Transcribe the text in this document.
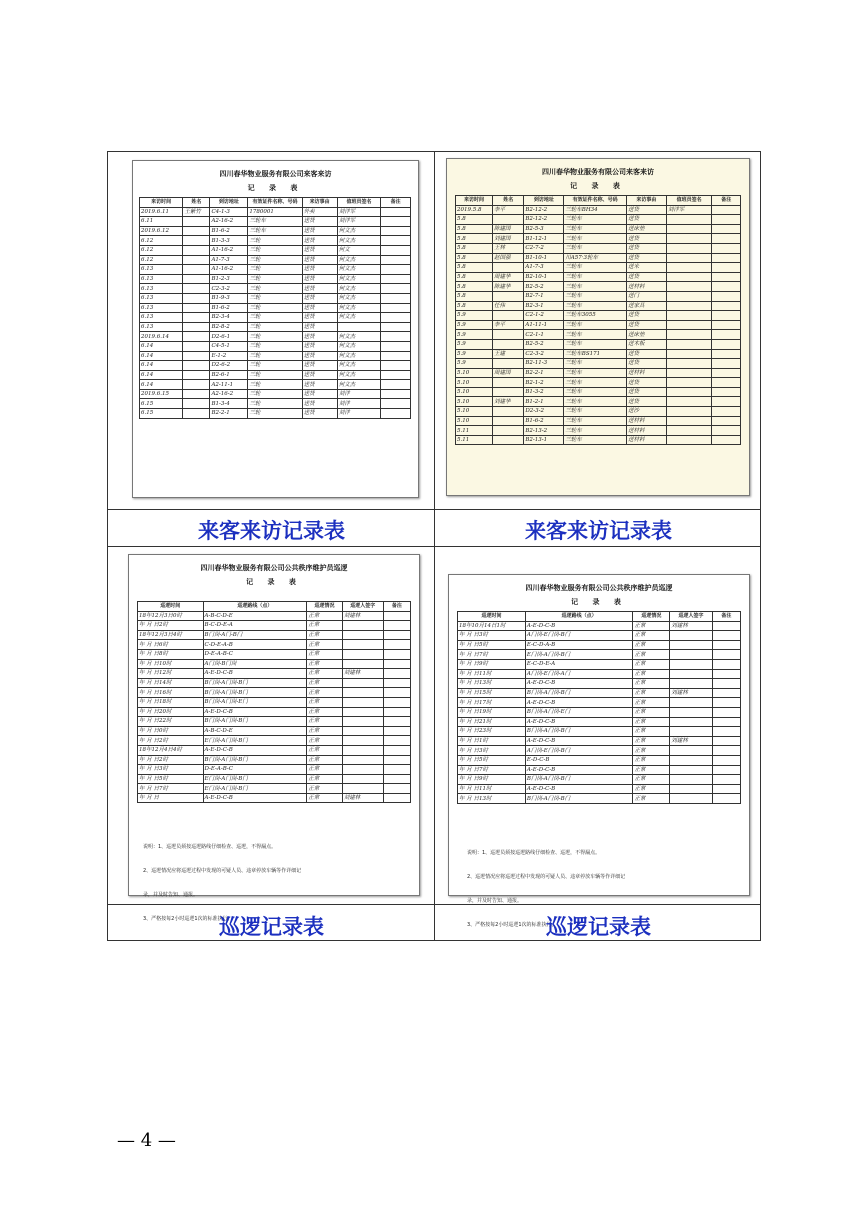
四川春华物业服务有限公司来客来访
记 录 表
来访时间	姓名	到访地址	有效证件名称、号码	来访事由	值班员签名	备注
2019.6.11	王紫竹	C4-1-3	1780001	外卖	刘洋军	
6.11		A2-16-2	三轮车	送货	刘洋军	
2019.6.12		B1-6-2	三轮车	送货	何文杰	
6.12		B1-3-3	三轮	送货	何文杰	
6.12		A1-16-2	三轮	送货	何文	
6.12		A1-7-3	三轮	送货	何文杰	
6.13		A1-16-2	三轮	送货	何文杰	
6.13		B1-2-3	三轮	送货	何文杰	
6.13		C2-3-2	三轮	送货	何文杰	
6.13		B1-9-3	三轮	送货	何文杰	
6.13		B1-6-2	三轮	送货	何文杰	
6.13		B2-3-4	三轮	送货	何文杰	
6.13		B2-8-2	三轮	送货		
2019.6.14		D2-6-1	三轮	送货	何文杰	
6.14		C4-5-1	三轮	送货	何文杰	
6.14		E-1-2	三轮	送货	何文杰	
6.14		D2-6-2	三轮	送货	何文杰	
6.14		B2-6-1	三轮	送货	何文杰	
6.14		A2-11-1	三轮	送货	何文杰	
2019.6.15		A2-16-2	三轮	送货	刘洋	
6.15		B1-3-4	三轮	送货	刘洋	
6.15		B2-2-1	三轮	送货	刘洋	
四川春华物业服务有限公司来客来访
记 录 表
来访时间	姓名	到访地址	有效证件名称、号码	来访事由	值班员签名	备注
2019.5.8	李平	B2-12-2	三轮车BH34	送货	刘洋军	
5.8		B2-12-2	三轮车	送货		
5.8	陈建国	B2-5-3	三轮车	送床垫		
5.8	刘建国	B1-12-1	三轮车	送货		
5.8	王林	C2-7-2	三轮车	送货		
5.8	赵国强	B1-10-1	川A57·3轮车	送货		
5.8		A1-7-3	三轮车	送米		
5.8	周建华	B2-10-1	三轮车	送货		
5.8	陈建华	B2-5-2	三轮车	送材料		
5.8		B2-7-1	三轮车	送门		
5.8	任伟	B2-3-1	三轮车	送家具		
5.9		C2-1-2	三轮车3055	送货		
5.9	李平	A1-11-1	三轮车	送货		
5.9		C2-1-1	三轮车	送床垫		
5.9		B2-5-2	三轮车	送木板		
5.9	王建	C2-3-2	三轮车BS171	送货		
5.9		B2-11-3	三轮车	送货		
5.10	周建国	B2-2-1	三轮车	送材料		
5.10		B2-1-2	三轮车	送货		
5.10		B1-3-2	三轮车	送货		
5.10	刘建华	B1-2-1	三轮车	送货		
5.10		D2-3-2	三轮车	送沙		
5.10		B1-6-2	三轮车	送材料		
5.11		B2-13-2	三轮车	送材料		
5.11		B2-13-1	三轮车	送材料		
来客来访记录表	来客来访记录表
四川春华物业服务有限公司公共秩序维护员巡逻
记 录 表
巡逻时间	巡逻路线（点）	巡逻情况	巡逻人签字	备注
18年12月3日0时	A-B-C-D-E	正常	刘建林	
年 月 日2时	B-C-D-E-A	正常		
18年12月3日4时	B门岗-A门-B门	正常		
年 月 日6时	C-D-E-A-B	正常		
年 月 日8时	D-E-A-B-C	正常		
年 月 日10时	A门岗-B门岗	正常		
年 月 日12时	A-E-D-C-B	正常	刘建林	
年 月 日14时	B门岗-A门岗-B门	正常		
年 月 日16时	B门岗-A门岗-B门	正常		
年 月 日18时	B门岗-A门岗-E门	正常		
年 月 日20时	A-E-D-C-B	正常		
年 月 日22时	B门岗-A门岗-B门	正常		
年 月 日0时	A-B-C-D-E	正常		
年 月 日2时	E门岗-A门岗-B门	正常		
18年12月4日4时	A-E-D-C-B	正常		
年 月 日2时	B门岗-A门岗-B门	正常		
年 月 日3时	D-E-A-B-C	正常		
年 月 日5时	E门岗-A门岗-B门	正常		
年 月 日7时	E门岗-A门岗-B门	正常		
年 月 日	A-E-D-C-B	正常	刘建林	

说明：1、巡逻员须按巡逻路线仔细检查、巡逻，不得漏点。

2、巡逻情况应将巡逻过程中发现的可疑人员、违章停放车辆等作详细记

录，并及时告知、通报。

3、严格按每2小时巡逻1次的标准执行。

四川春华物业服务有限公司公共秩序维护员巡逻
记 录 表
巡逻时间	巡逻路线（点）	巡逻情况	巡逻人签字	备注
18年10月14日1时	A-E-D-C-B	正常	刘建林	
年 月 日3时	A门岗-E门岗-B门	正常		
年 月 日5时	E-C-D-A-B	正常		
年 月 日7时	E门岗-A门岗-B门	正常		
年 月 日9时	E-C-D-E-A	正常		
年 月 日11时	A门岗-E门岗-A门	正常		
年 月 日13时	A-E-D-C-B	正常		
年 月 日15时	B门岗-A门岗-B门	正常	刘建林	
年 月 日17时	A-E-D-C-B	正常		
年 月 日19时	B门岗-A门岗-E门	正常		
年 月 日21时	A-E-D-C-B	正常		
年 月 日23时	B门岗-A门岗-B门	正常		
年 月 日1时	A-E-D-C-B	正常	刘建林	
年 月 日3时	A门岗-E门岗-B门	正常		
年 月 日5时	E-D-C-B	正常		
年 月 日7时	A-E-D-C-B	正常		
年 月 日9时	B门岗-A门岗-B门	正常		
年 月 日11时	A-E-D-C-B	正常		
年 月 日13时	B门岗-A门岗-B门	正常		

说明：1、巡逻员须按巡逻路线仔细检查、巡逻，不得漏点。

2、巡逻情况应将巡逻过程中发现的可疑人员、违章停放车辆等作详细记

录，并及时告知、通报。

3、严格按每2小时巡逻1次的标准执行。

巡逻记录表	巡逻记录表
— 4 —
